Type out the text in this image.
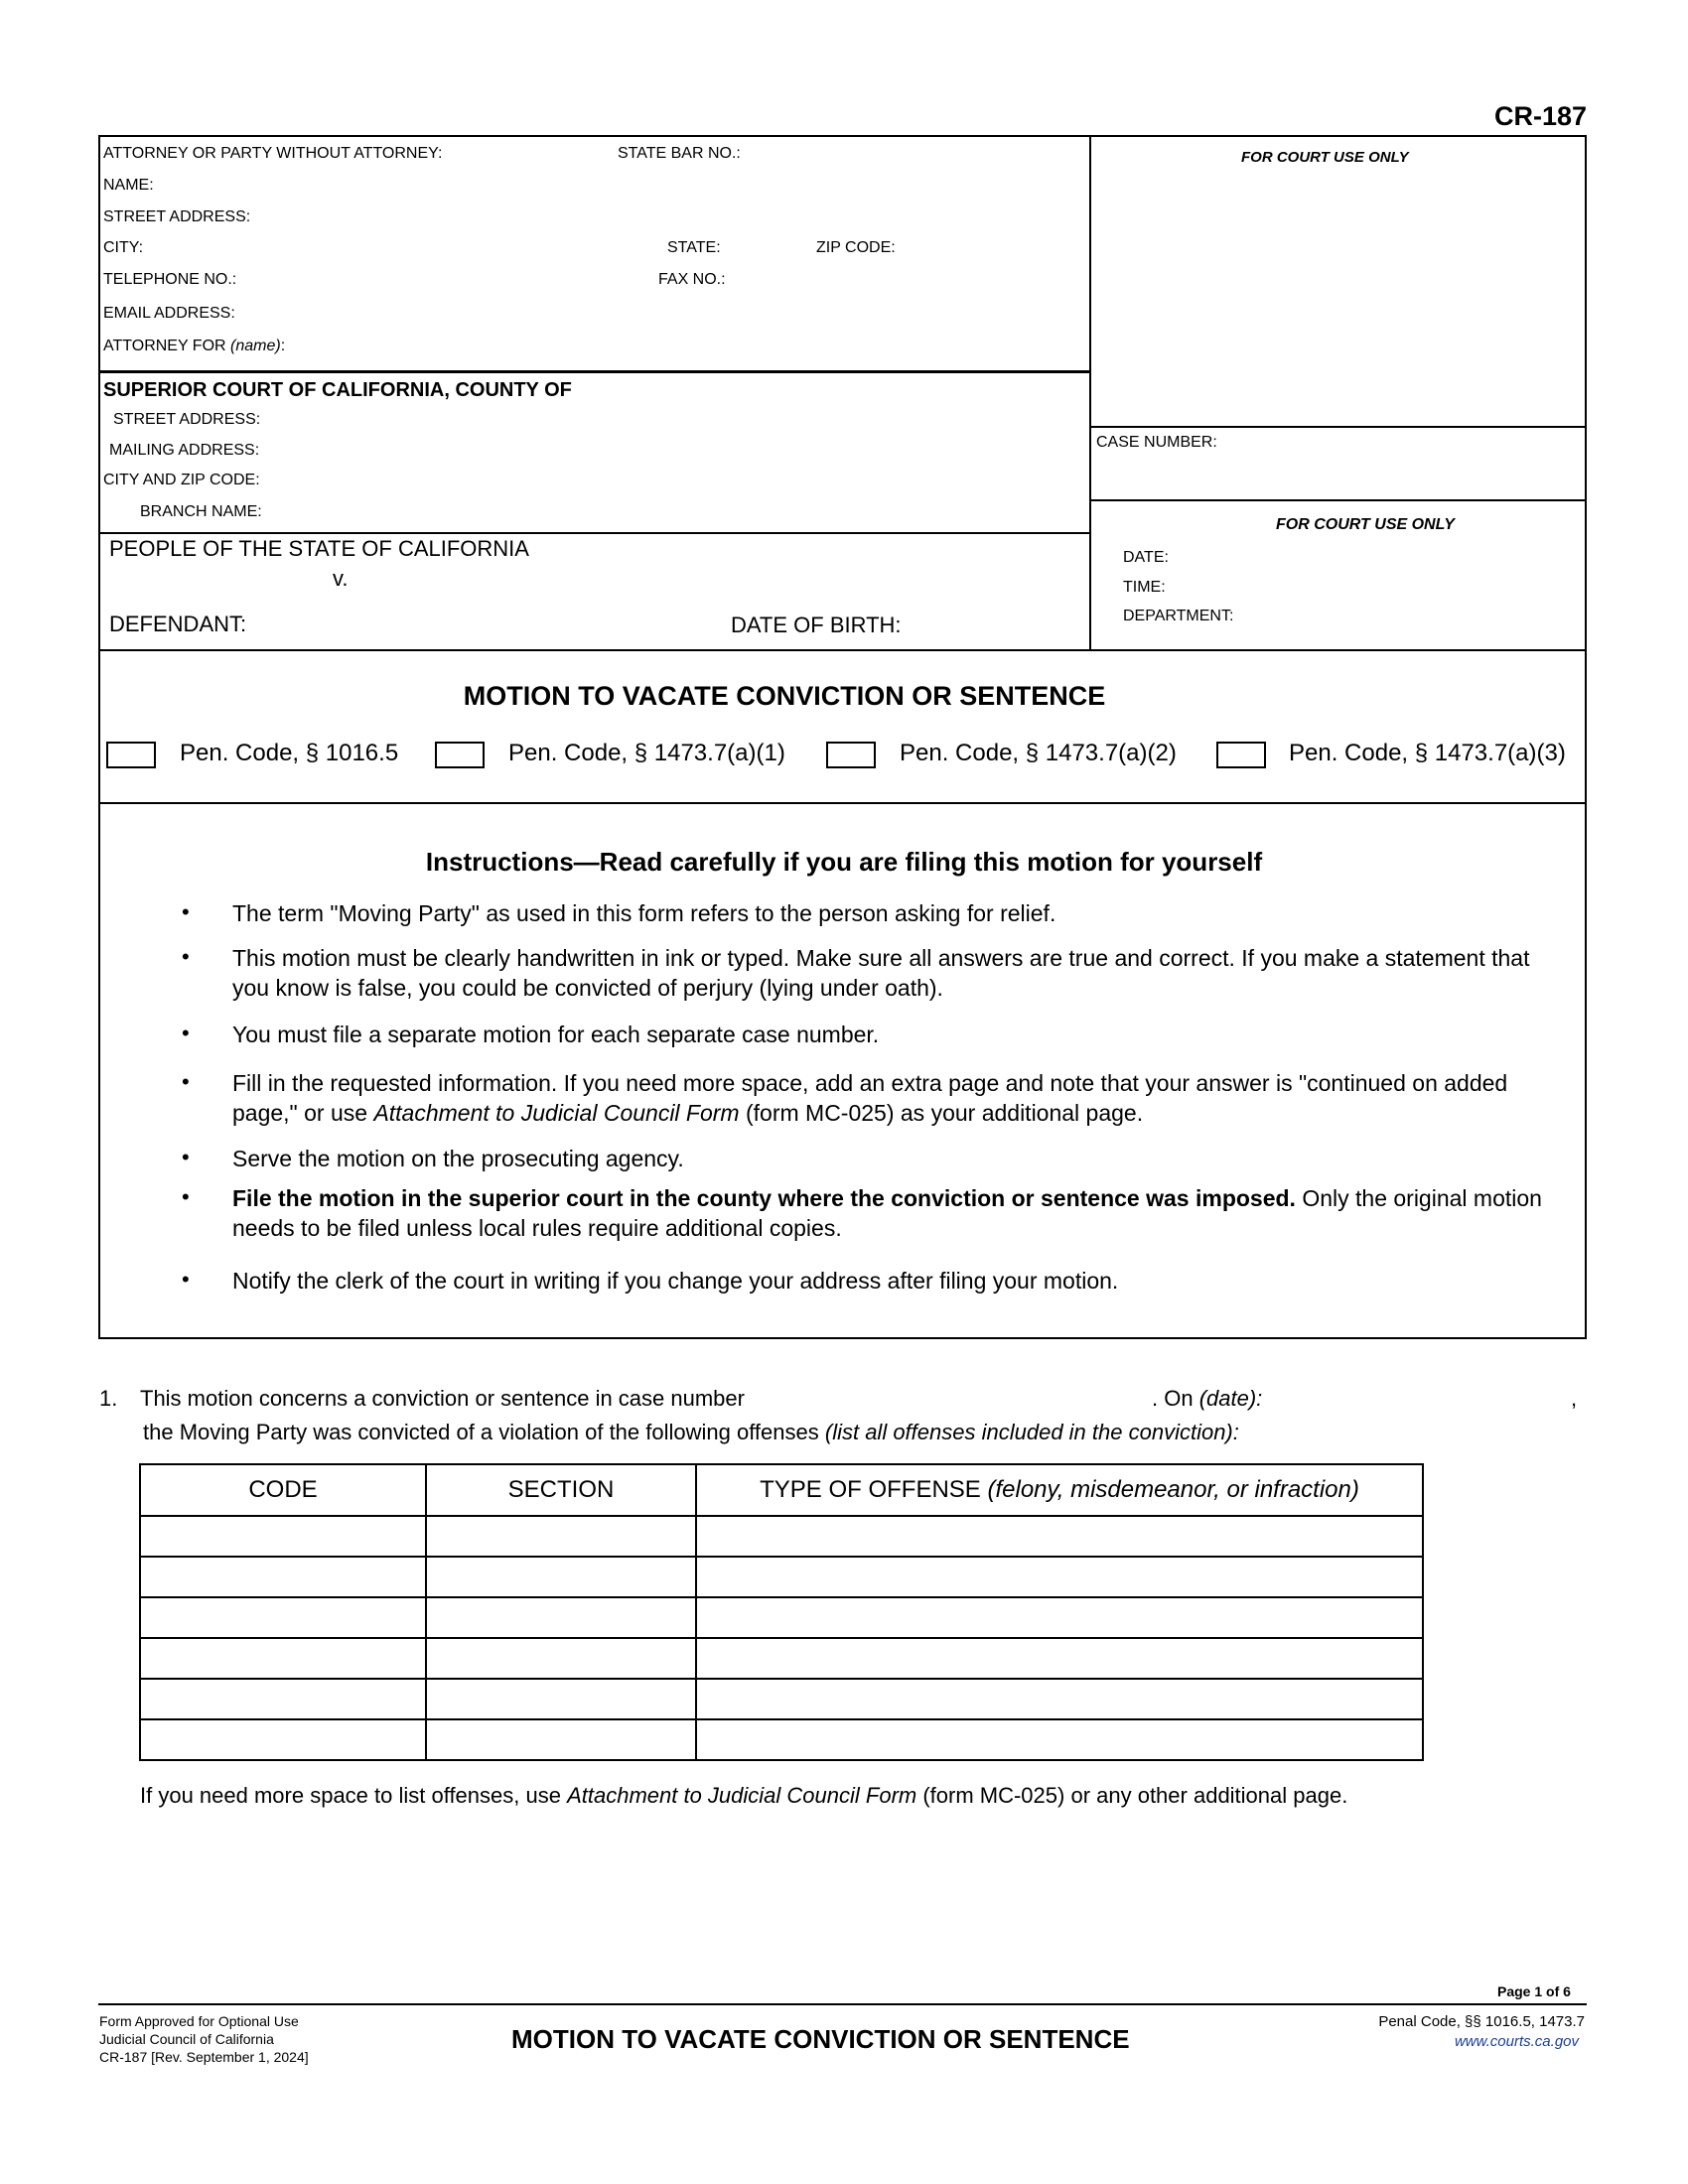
CR-187
ATTORNEY OR PARTY WITHOUT ATTORNEY:	STATE BAR NO.:
NAME:
STREET ADDRESS:
CITY:	STATE:	ZIP CODE:
TELEPHONE NO.:	FAX NO.:
EMAIL ADDRESS:
ATTORNEY FOR (name):
FOR COURT USE ONLY
SUPERIOR COURT OF CALIFORNIA, COUNTY OF
STREET ADDRESS:
MAILING ADDRESS:
CITY AND ZIP CODE:
BRANCH NAME:
CASE NUMBER:
PEOPLE OF THE STATE OF CALIFORNIA
v.
DEFENDANT:	DATE OF BIRTH:
FOR COURT USE ONLY
DATE:
TIME:
DEPARTMENT:
MOTION TO VACATE CONVICTION OR SENTENCE
Pen. Code, § 1016.5	Pen. Code, § 1473.7(a)(1)	Pen. Code, § 1473.7(a)(2)	Pen. Code, § 1473.7(a)(3)
Instructions—Read carefully if you are filing this motion for yourself
• The term "Moving Party" as used in this form refers to the person asking for relief.
• This motion must be clearly handwritten in ink or typed. Make sure all answers are true and correct. If you make a statement that you know is false, you could be convicted of perjury (lying under oath).
• You must file a separate motion for each separate case number.
• Fill in the requested information. If you need more space, add an extra page and note that your answer is "continued on added page," or use Attachment to Judicial Council Form (form MC-025) as your additional page.
• Serve the motion on the prosecuting agency.
• File the motion in the superior court in the county where the conviction or sentence was imposed. Only the original motion needs to be filed unless local rules require additional copies.
• Notify the clerk of the court in writing if you change your address after filing your motion.
1. This motion concerns a conviction or sentence in case number	. On (date):	,
the Moving Party was convicted of a violation of the following offenses (list all offenses included in the conviction):
CODE	SECTION	TYPE OF OFFENSE (felony, misdemeanor, or infraction)

If you need more space to list offenses, use Attachment to Judicial Council Form (form MC-025) or any other additional page.
Page 1 of 6
Form Approved for Optional Use
Judicial Council of California
CR-187 [Rev. September 1, 2024]
MOTION TO VACATE CONVICTION OR SENTENCE
Penal Code, §§ 1016.5, 1473.7
www.courts.ca.gov
